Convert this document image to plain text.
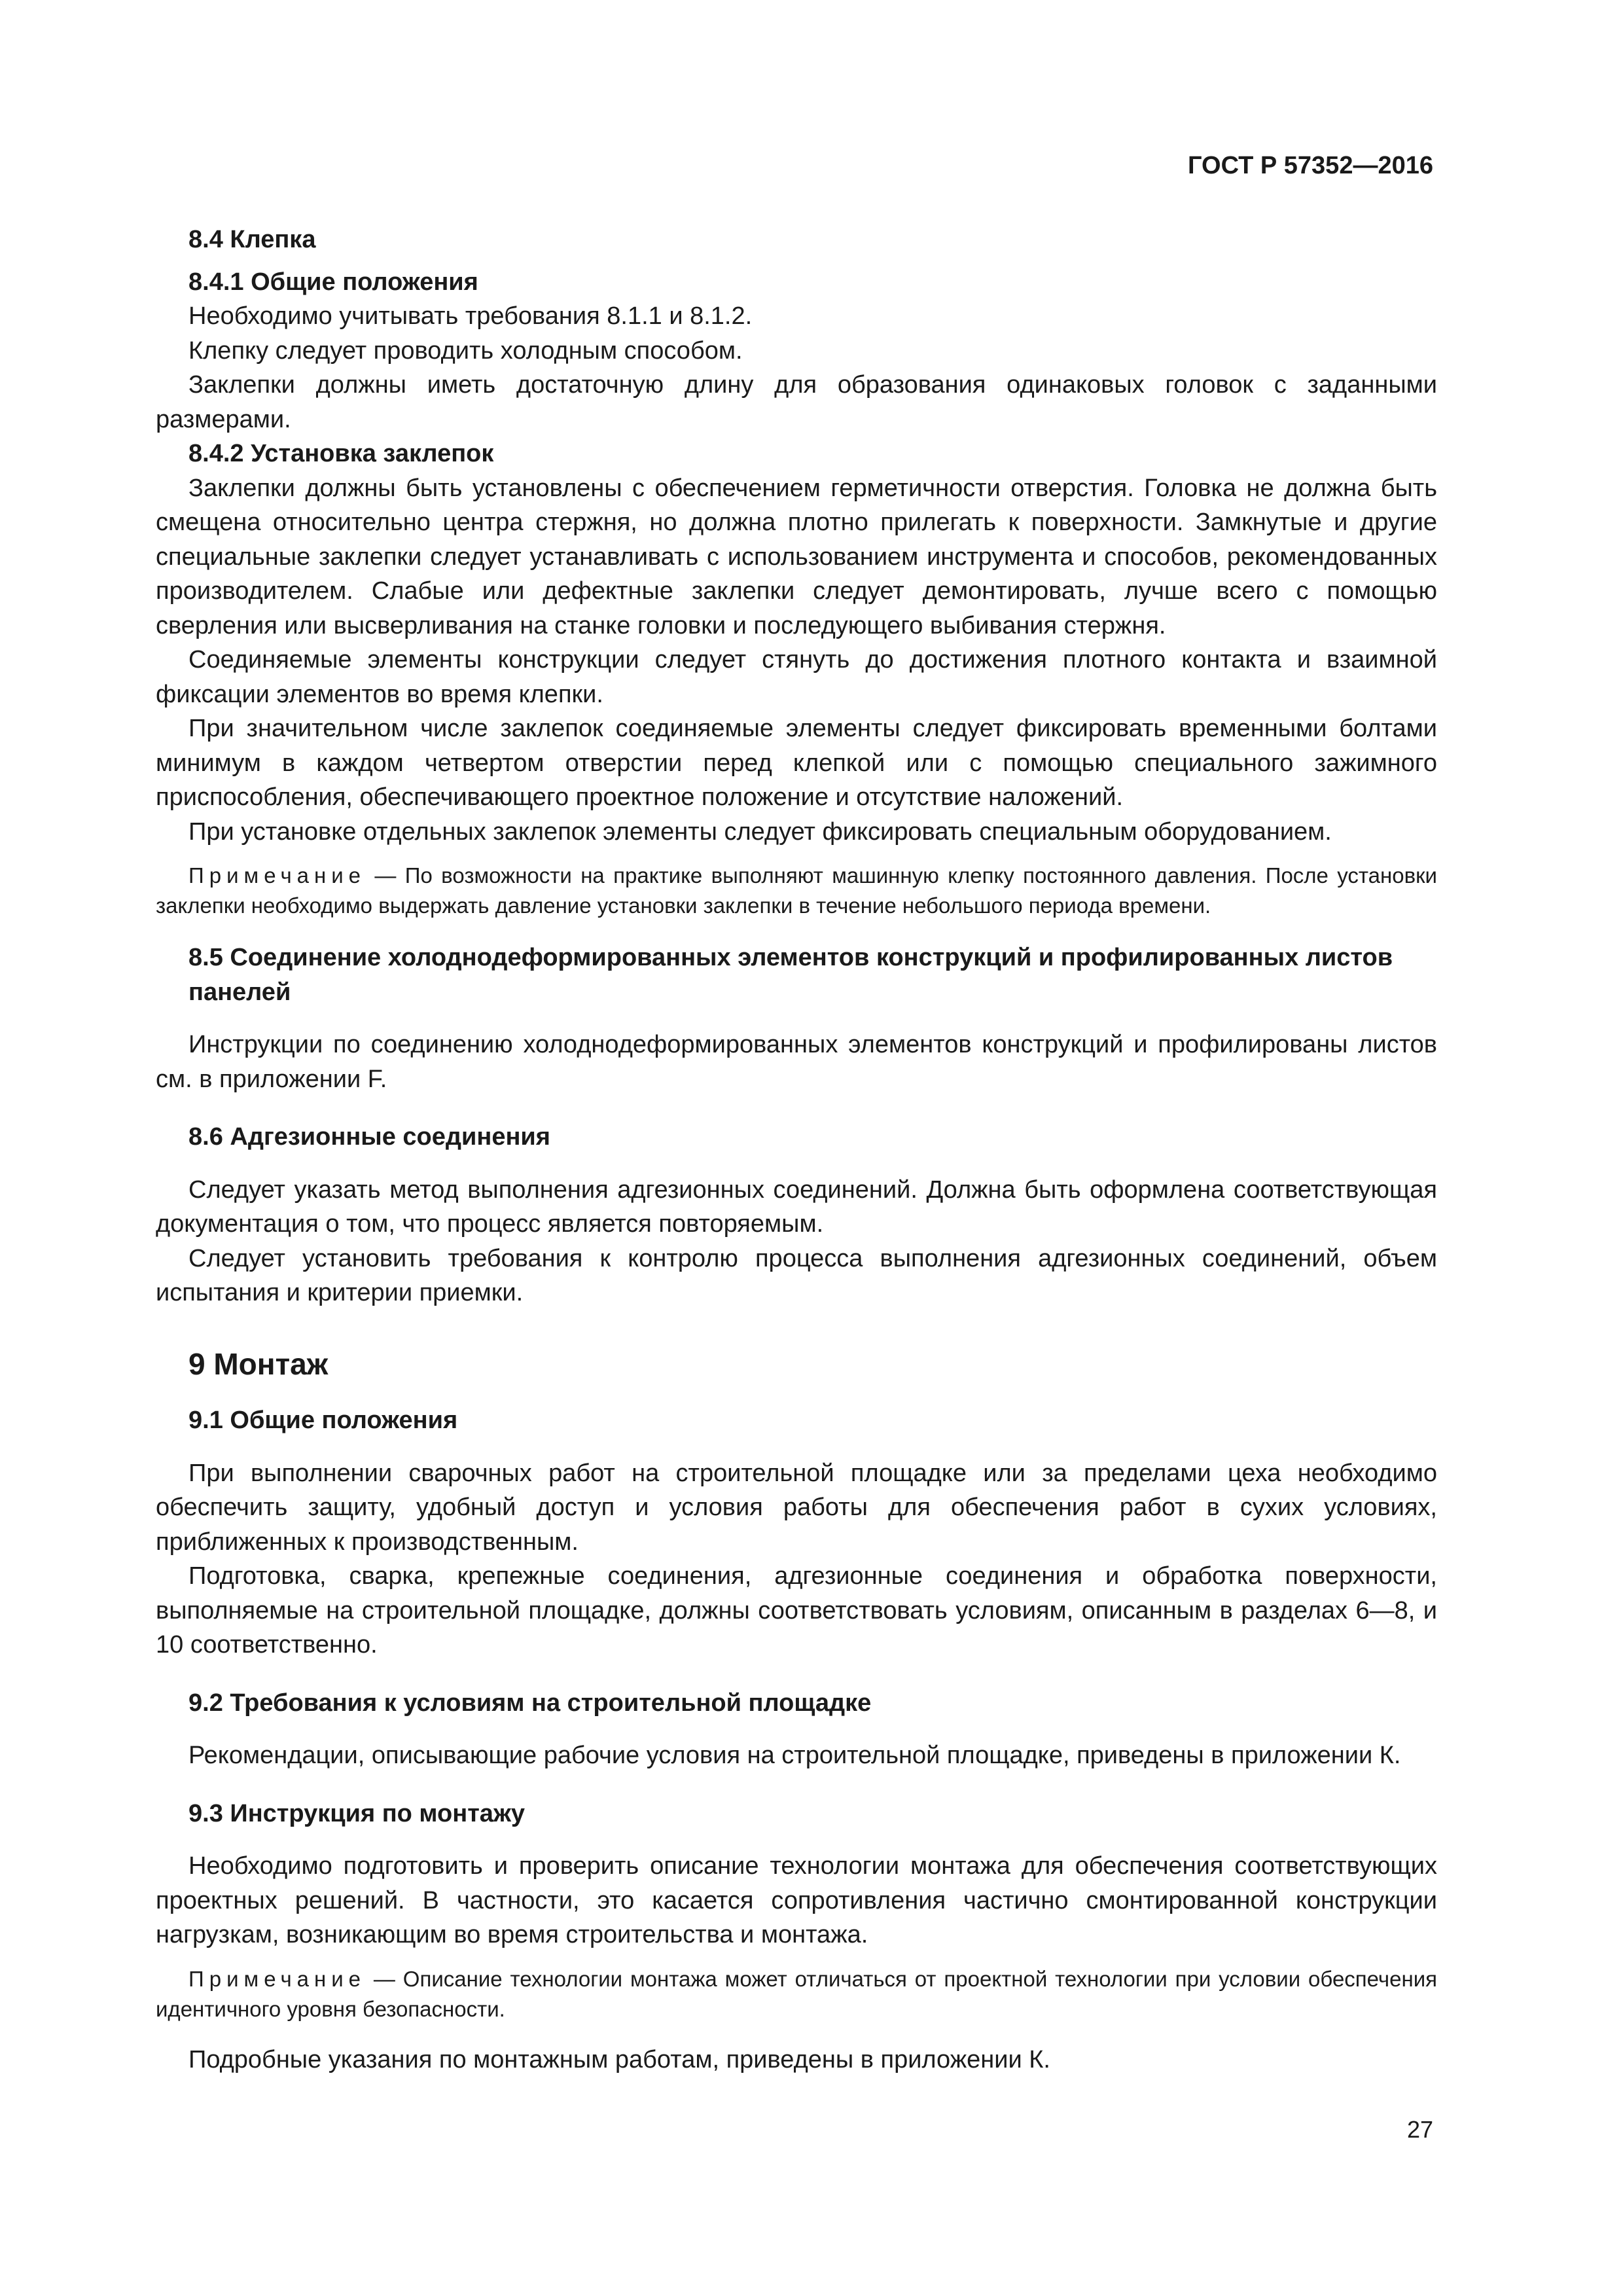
ГОСТ Р 57352—2016
8.4 Клепка
8.4.1 Общие положения

Необходимо учитывать требования 8.1.1 и 8.1.2.

Клепку следует проводить холодным способом.

Заклепки должны иметь достаточную длину для образования одинаковых головок с заданными размерами.

8.4.2 Установка заклепок

Заклепки должны быть установлены с обеспечением герметичности отверстия. Головка не должна быть смещена относительно центра стержня, но должна плотно прилегать к поверхности. Замкнутые и другие специальные заклепки следует устанавливать с использованием инструмента и способов, рекомендованных производителем. Слабые или дефектные заклепки следует демонтировать, лучше всего с помощью сверления или высверливания на станке головки и последующего выбивания стержня.

Соединяемые элементы конструкции следует стянуть до достижения плотного контакта и взаимной фиксации элементов во время клепки.

При значительном числе заклепок соединяемые элементы следует фиксировать временными болтами минимум в каждом четвертом отверстии перед клепкой или с помощью специального зажимного приспособления, обеспечивающего проектное положение и отсутствие наложений.

При установке отдельных заклепок элементы следует фиксировать специальным оборудованием.

Примечание — По возможности на практике выполняют машинную клепку постоянного давления. После установки заклепки необходимо выдержать давление установки заклепки в течение небольшого периода времени.

8.5 Соединение холоднодеформированных элементов конструкций и профилированных листов панелей

Инструкции по соединению холоднодеформированных элементов конструкций и профилированы листов см. в приложении F.

8.6 Адгезионные соединения

Следует указать метод выполнения адгезионных соединений. Должна быть оформлена соответствующая документация о том, что процесс является повторяемым.

Следует установить требования к контролю процесса выполнения адгезионных соединений, объем испытания и критерии приемки.

9 Монтаж
9.1 Общие положения

При выполнении сварочных работ на строительной площадке или за пределами цеха необходимо обеспечить защиту, удобный доступ и условия работы для обеспечения работ в сухих условиях, приближенных к производственным.

Подготовка, сварка, крепежные соединения, адгезионные соединения и обработка поверхности, выполняемые на строительной площадке, должны соответствовать условиям, описанным в разделах 6—8, и 10 соответственно.

9.2 Требования к условиям на строительной площадке

Рекомендации, описывающие рабочие условия на строительной площадке, приведены в приложении К.

9.3 Инструкция по монтажу

Необходимо подготовить и проверить описание технологии монтажа для обеспечения соответствующих проектных решений. В частности, это касается сопротивления частично смонтированной конструкции нагрузкам, возникающим во время строительства и монтажа.

Примечание — Описание технологии монтажа может отличаться от проектной технологии при условии обеспечения идентичного уровня безопасности.

Подробные указания по монтажным работам, приведены в приложении К.

27
